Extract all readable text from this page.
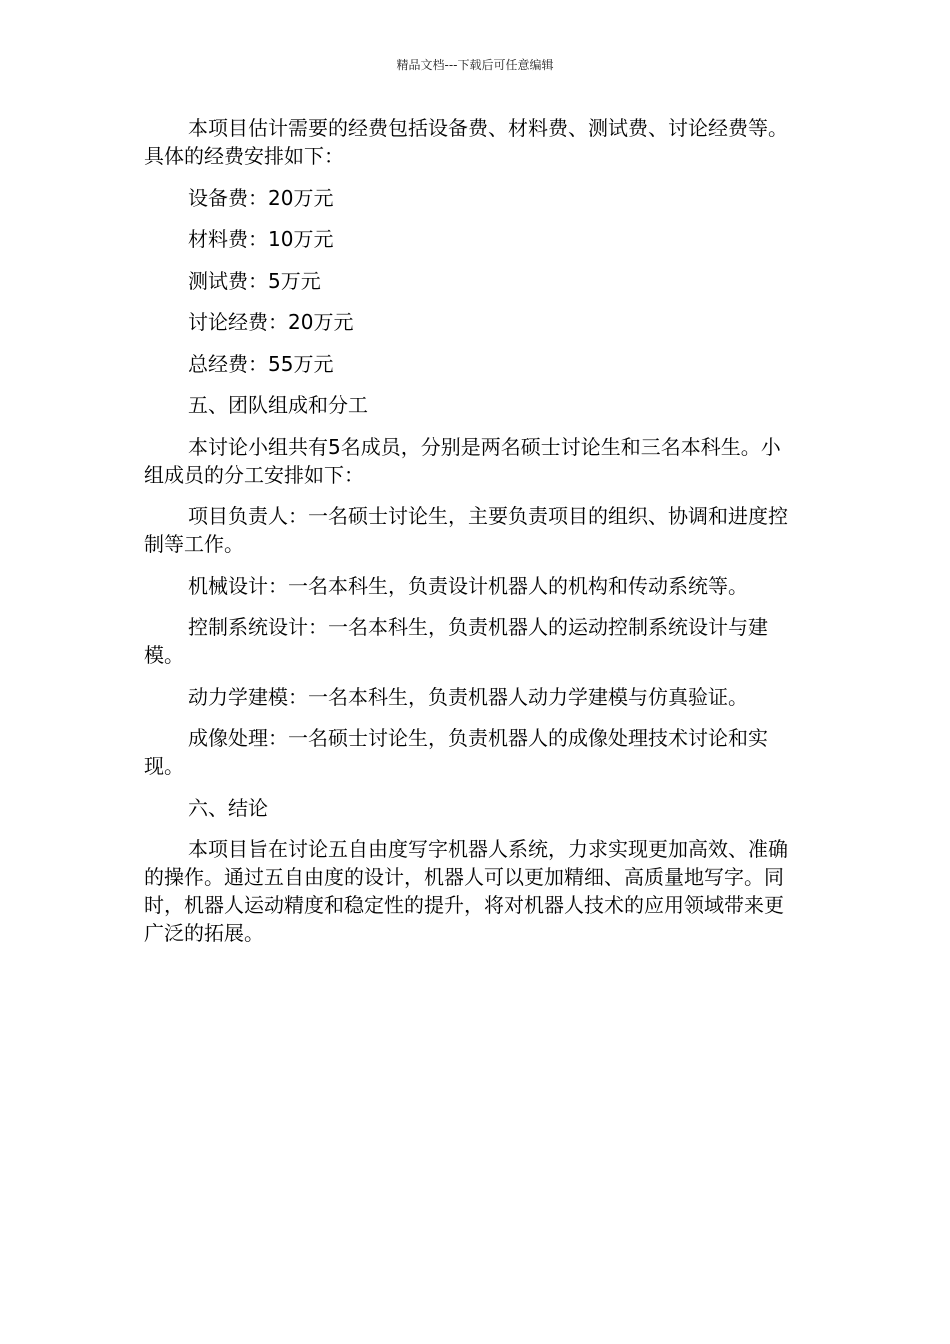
精品文档---下载后可任意编辑

本项目估计需要的经费包括设备费、材料费、测试费、讨论经费等。具体的经费安排如下：

设备费：20万元

材料费：10万元

测试费：5万元

讨论经费：20万元

总经费：55万元

五、团队组成和分工

本讨论小组共有5名成员，分别是两名硕士讨论生和三名本科生。小组成员的分工安排如下：

项目负责人：一名硕士讨论生，主要负责项目的组织、协调和进度控制等工作。

机械设计：一名本科生，负责设计机器人的机构和传动系统等。

控制系统设计：一名本科生，负责机器人的运动控制系统设计与建模。

动力学建模：一名本科生，负责机器人动力学建模与仿真验证。

成像处理：一名硕士讨论生，负责机器人的成像处理技术讨论和实现。

六、结论

本项目旨在讨论五自由度写字机器人系统，力求实现更加高效、准确的操作。通过五自由度的设计，机器人可以更加精细、高质量地写字。同时，机器人运动精度和稳定性的提升，将对机器人技术的应用领域带来更广泛的拓展。
